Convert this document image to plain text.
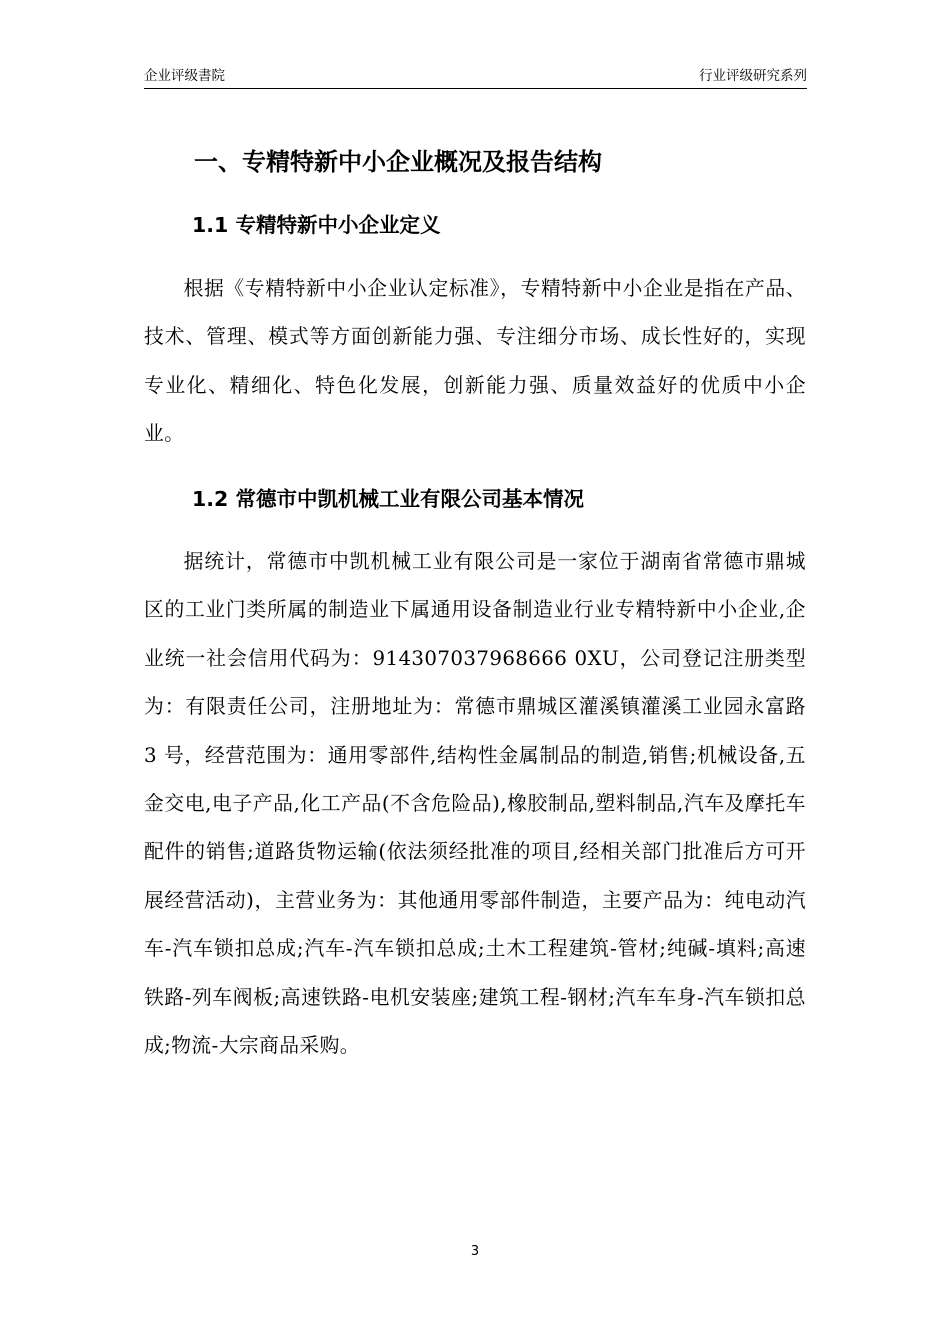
企业评级書院	行业评级研究系列
一、专精特新中小企业概况及报告结构
1.1 专精特新中小企业定义
根据《专精特新中小企业认定标准》，专精特新中小企业是指在产品、技术、管理、模式等方面创新能力强、专注细分市场、成长性好的，实现专业化、精细化、特色化发展，创新能力强、质量效益好的优质中小企业。
1.2 常德市中凯机械工业有限公司基本情况
据统计，常德市中凯机械工业有限公司是一家位于湖南省常德市鼎城区的工业门类所属的制造业下属通用设备制造业行业专精特新中小企业,企业统一社会信用代码为：914307037968666 0XU，公司登记注册类型为：有限责任公司，注册地址为：常德市鼎城区灌溪镇灌溪工业园永富路 3 号，经营范围为：通用零部件,结构性金属制品的制造,销售;机械设备,五金交电,电子产品,化工产品(不含危险品),橡胶制品,塑料制品,汽车及摩托车配件的销售;道路货物运输(依法须经批准的项目,经相关部门批准后方可开展经营活动)，主营业务为：其他通用零部件制造，主要产品为：纯电动汽车-汽车锁扣总成;汽车-汽车锁扣总成;土木工程建筑-管材;纯碱-填料;高速铁路-列车阀板;高速铁路-电机安装座;建筑工程-钢材;汽车车身-汽车锁扣总成;物流-大宗商品采购。
3
